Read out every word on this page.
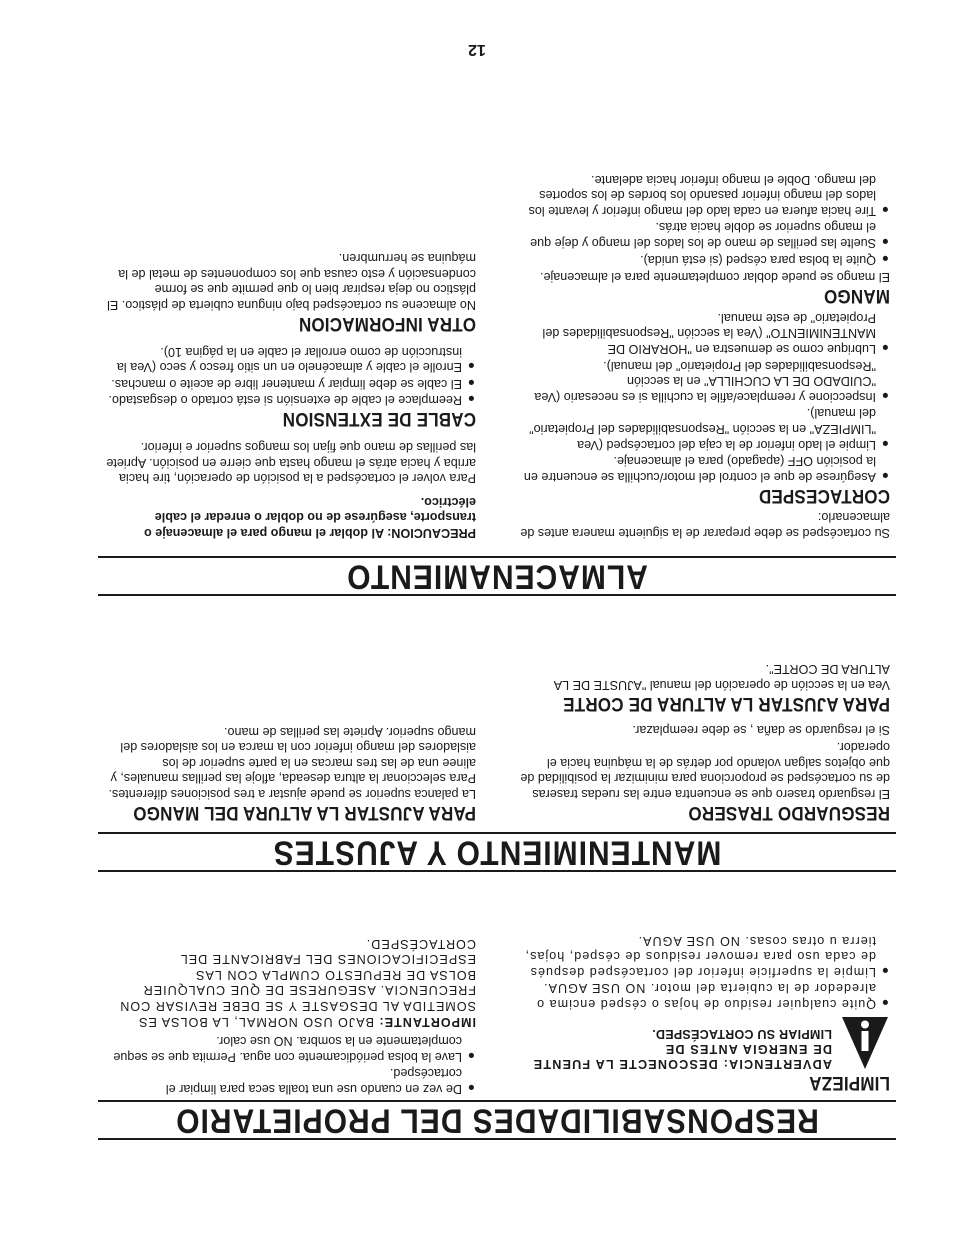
12
ALMACENAMIENTO

Su cortacésped se debe preparar de la siguiente manera antes de almacenarlo:

CORTACESPED
●
Asegúrese de que el control del motor/cuchilla se encuentre en la posición OFF (apagado) para el almacenaje.
●
Limpie el lado inferior de la caja del cortacésped (Vea "LIMPIEZA" en la sección "Responsabilidades del Propietario" del manual).
●
Inspeccione y reemplace/afile la cuchilla si es necesario (Vea "CUIDADO DE LA CUCHILLA" en la sección "Responsabilidades del Propietario" del manual).
●
Lubrique como se demuestra en "HORARIO DE MANTENIMIENTO" (Vea la sección "Responsabilidades del Propietario" de este manual.
MANGO

El mango se puede doblar completamente para el almacenaje.

●
Quite la bolsa para césped (si está unida).
●
Suelte las perillas de mano de los lados del mango y deje que el mango superior se doble hacia atrás.
●
Tire hacia afuera en cada lado del mango inferior y levante los lados del mango inferior pasando los bordes de los soportes del mango. Doble el mango inferior hacia adelante.

PRECAUCION: Al doblar el mango para el almacenaje o transporte, asegúrese de no doblar o enredar el cable eléctrico.

Para volver el cortacésped a la posición de operación, tire hacia arriba y hacia atrás el mango hasta que cierre en posición. Apriete las perillas de mano que fijan los mangos superior e inferior.

CABLE DE EXTENSION
●
Reemplace el cable de extensión si está cortado o desgastado.
●
El cable se debe limpiar y mantener libre de aceite o manchas.
●
Enrolle el cable y almacénelo en un sitio fresco y seco (Vea la instrucción de como enrollar el cable en la página 10).
OTRA INFORMACION

No almacene su cortacésped bajo ninguna cubierta de plástico. El plástico no deja respirar bien lo que permite que se forme condensación y esto causa que los componentes de metal de la máquina se herrumbren.

MANTENIMIENTO Y AJUSTES
RESGUARDO TRASERO

El resguardo trasero que se encuentra entre las ruedas traseras de su cortacésped se proporciona para minimizar la posibilidad de que objetos salgan volando por detrás de la máquina hacia el operador.

Si el resguardo se daña , se debe reemplazar.

PARA AJUSTAR LA ALTURA DE CORTE

Vea en la sección de operación del manual "AJUSTE DE LA ALTURA DE CORTE".

PARA AJUSTAR LA ALTURA DEL MANGO

La palanca superior se puede ajustar a tres posiciones diferentes. Para seleccionar la altura deseada, afloje las perillas manuales, y alinee una de las tres marcas en la parte superior de los aisladores del mango inferior con la marca en los aisladores del mango superior. Apriete las perillas de mano.

RESPONSABILIDADES DEL PROPIETARIO
LIMPIEZA
ADVERTENCIA: DESCONECTE LA FUENTE DE ENERGIA ANTES DE
LIMPIAR SU CORTACÉSPED.
●
Quite cualquier residuo de hojas o césped encima o alrededor de la cubierta del motor. NO USE AGUA.
●
Limpie la superficie inferior del cortacésped después de cada uso para remover residuos de césped, hojas, tierra u otras cosas. NO USE AGUA.
●
De vez en cuando use una toalla seca para limpiar el cortacésped.
●
Lave la bolsa periódicamente con agua. Permita que se seque completamente en la sombra. NO use calor.

IMPORTANTE: BAJO USO NORMAL, LA BOLSA ES SOMETIDA AL DESGASTE Y SE DEBE REVISAR CON FRECUENCIA. ASEGURESE DE QUE CUALQUIER BOLSA DE REPUESTO CUMPLA CON LAS ESPECIFICACIONES DEL FABRICANTE DEL CORTACÉSPED.
